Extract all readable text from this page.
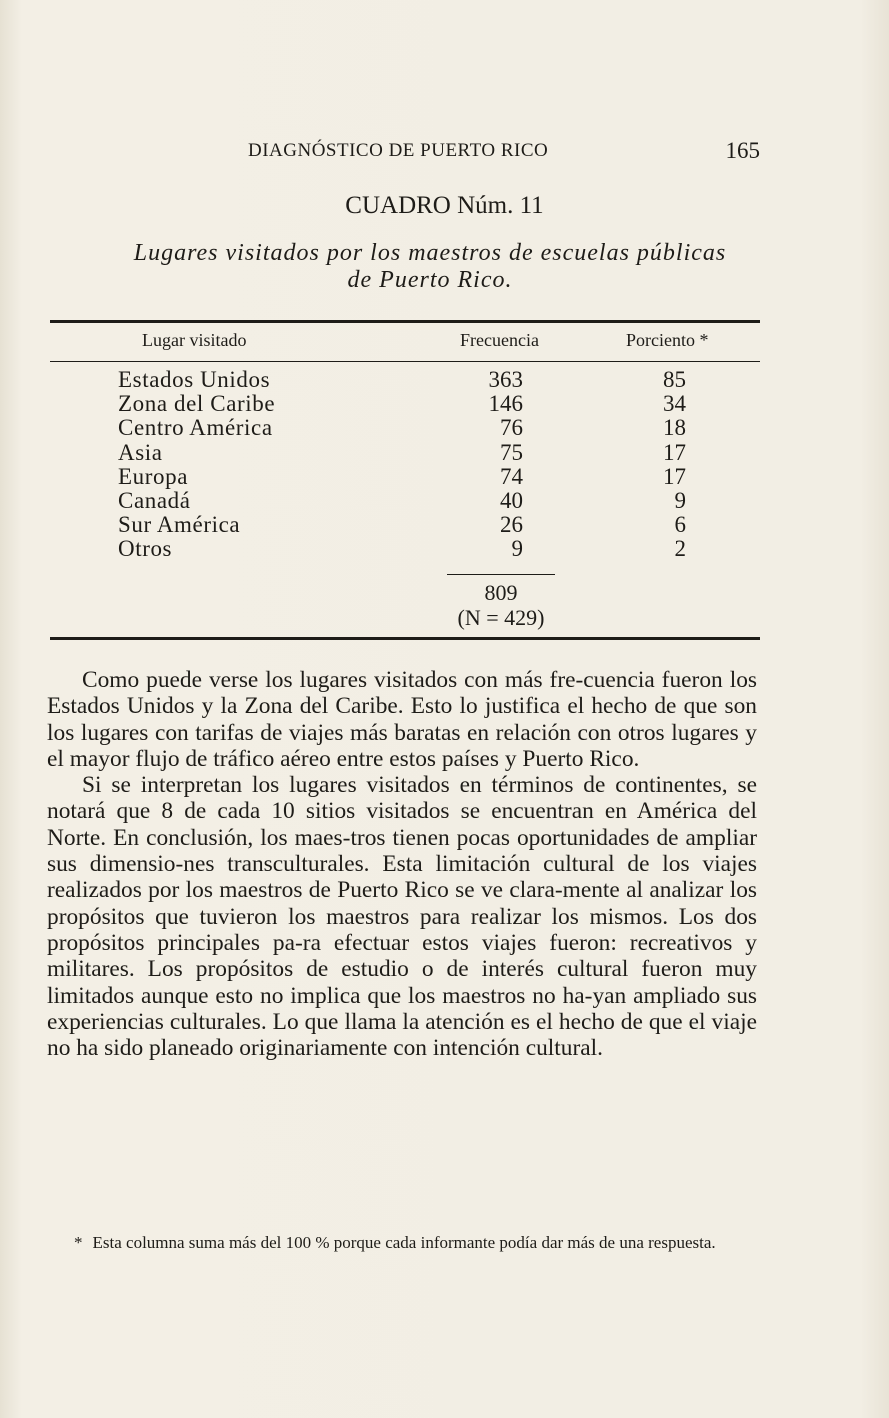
DIAGNÓSTICO DE PUERTO RICO	165
CUADRO Núm. 11
Lugares visitados por los maestros de escuelas públicas
de Puerto Rico.
Lugar visitado	Frecuencia	Porciento *
Estados Unidos	363	85
Zona del Caribe	146	34
Centro América	76	18
Asia	75	17
Europa	74	17
Canadá	40	9
Sur América	26	6
Otros	9	2
809
(N = 429)

Como puede verse los lugares visitados con más fre-cuencia fueron los Estados Unidos y la Zona del Caribe. Esto lo justifica el hecho de que son los lugares con tarifas de viajes más baratas en relación con otros lugares y el mayor flujo de tráfico aéreo entre estos países y Puerto Rico.

Si se interpretan los lugares visitados en términos de continentes, se notará que 8 de cada 10 sitios visitados se encuentran en América del Norte. En conclusión, los maes-tros tienen pocas oportunidades de ampliar sus dimensio-nes transculturales. Esta limitación cultural de los viajes realizados por los maestros de Puerto Rico se ve clara-mente al analizar los propósitos que tuvieron los maestros para realizar los mismos. Los dos propósitos principales pa-ra efectuar estos viajes fueron: recreativos y militares. Los propósitos de estudio o de interés cultural fueron muy limitados aunque esto no implica que los maestros no ha-yan ampliado sus experiencias culturales. Lo que llama la atención es el hecho de que el viaje no ha sido planeado originariamente con intención cultural.

* Esta columna suma más del 100 % porque cada informante podía dar más de una respuesta.
